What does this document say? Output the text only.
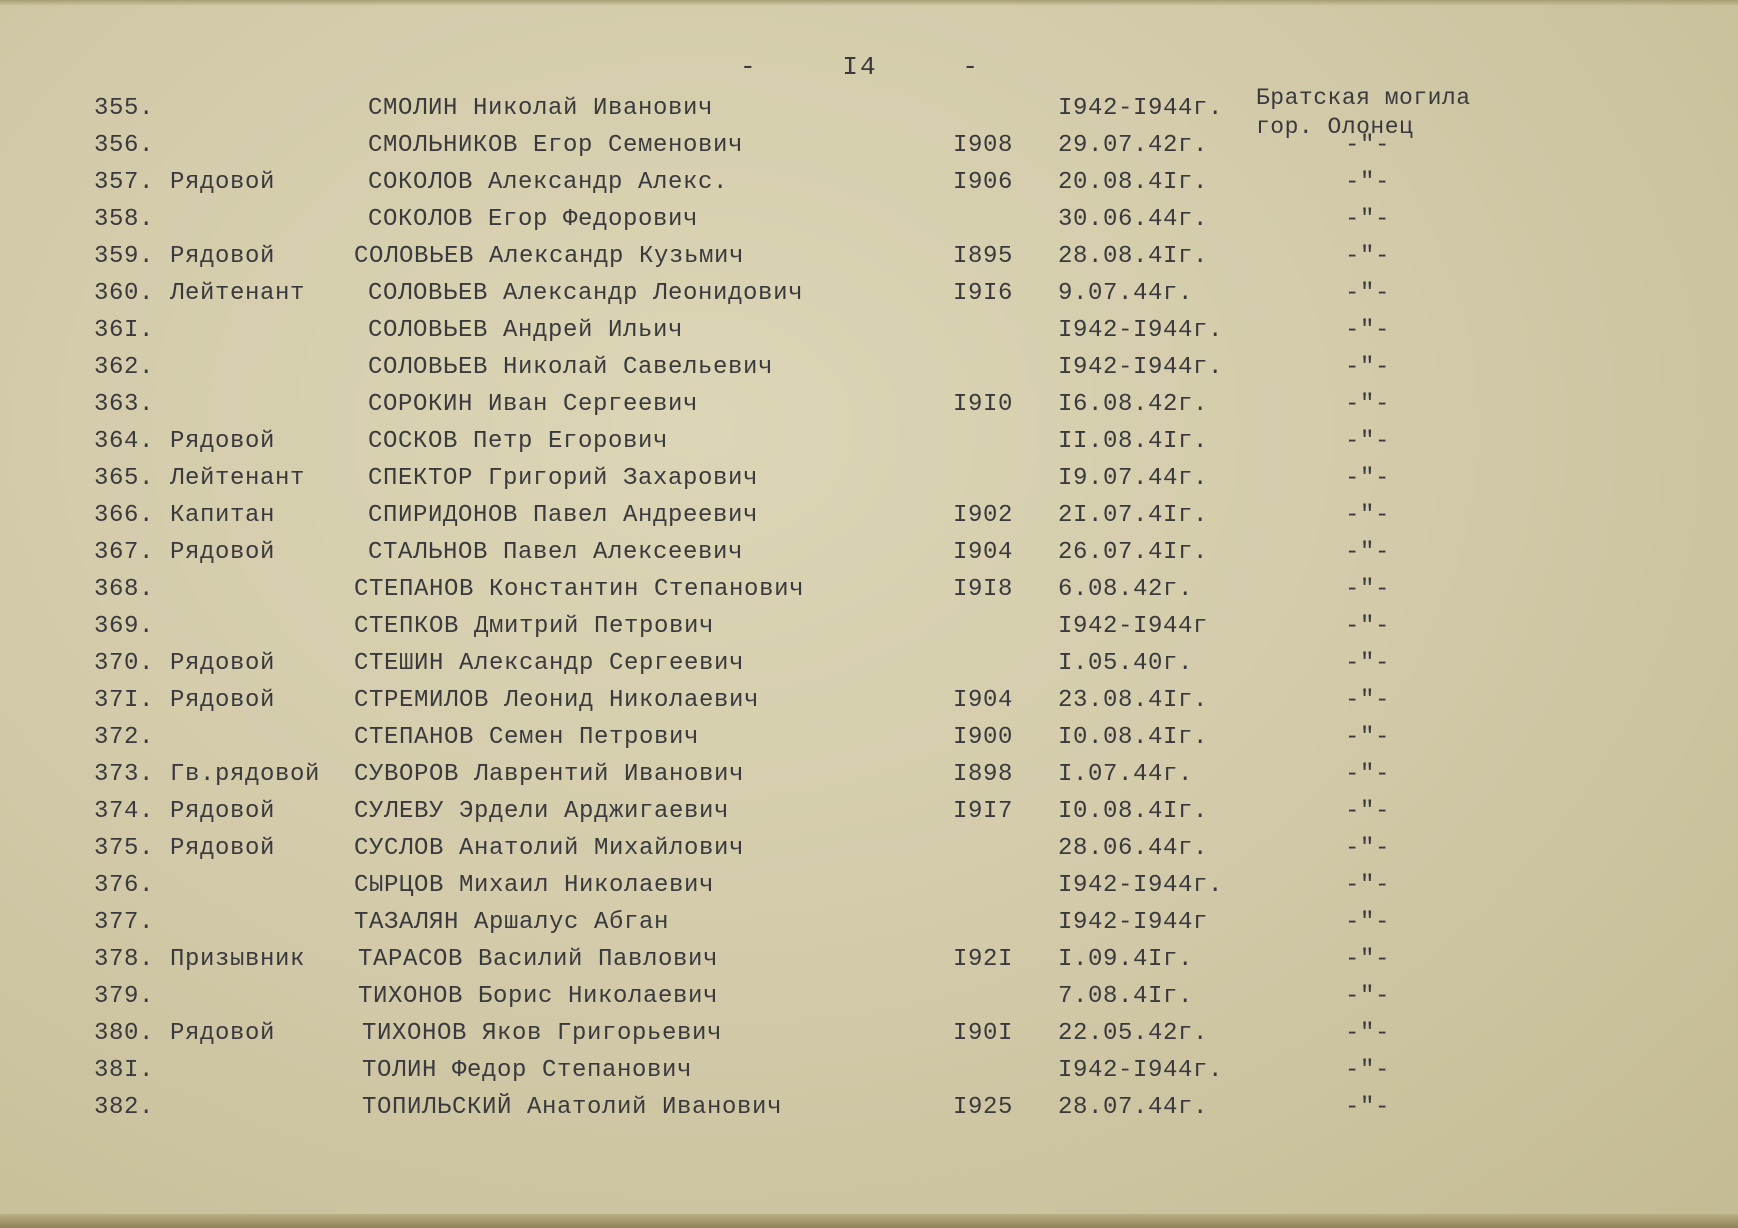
-	I4	-
Братская могила
гор. Олонец
355.	СМОЛИН Николай Иванович	I942-I944г.
356.	СМОЛЬНИКОВ Егор Семенович	I908	29.07.42г.	-"-
357. Рядовой	СОКОЛОВ Александр Алекс.	I906	20.08.4Iг.	-"-
358.	СОКОЛОВ Егор Федорович	30.06.44г.	-"-
359. Рядовой	СОЛОВЬЕВ Александр Кузьмич	I895	28.08.4Iг.	-"-
360. Лейтенант	СОЛОВЬЕВ Александр Леонидович	I9I6	9.07.44г.	-"-
36I.	СОЛОВЬЕВ Андрей Ильич	I942-I944г.	-"-
362.	СОЛОВЬЕВ Николай Савельевич	I942-I944г.	-"-
363.	СОРОКИН Иван Сергеевич	I9I0	I6.08.42г.	-"-
364. Рядовой	СОСКОВ Петр Егорович	II.08.4Iг.	-"-
365. Лейтенант	СПЕКТОР Григорий Захарович	I9.07.44г.	-"-
366. Капитан	СПИРИДОНОВ Павел Андреевич	I902	2I.07.4Iг.	-"-
367. Рядовой	СТАЛЬНОВ Павел Алексеевич	I904	26.07.4Iг.	-"-
368.	СТЕПАНОВ Константин Степанович	I9I8	6.08.42г.	-"-
369.	СТЕПКОВ Дмитрий Петрович	I942-I944г	-"-
370. Рядовой	СТЕШИН Александр Сергеевич	I.05.40г.	-"-
37I. Рядовой	СТРЕМИЛОВ Леонид Николаевич	I904	23.08.4Iг.	-"-
372.	СТЕПАНОВ Семен Петрович	I900	I0.08.4Iг.	-"-
373. Гв.рядовой СУВОРОВ Лаврентий Иванович	I898	I.07.44г.	-"-
374. Рядовой	СУЛЕВУ Эрдели Арджигаевич	I9I7	I0.08.4Iг.	-"-
375. Рядовой	СУСЛОВ Анатолий Михайлович	28.06.44г.	-"-
376.	СЫРЦОВ Михаил Николаевич	I942-I944г.	-"-
377.	ТАЗАЛЯН Аршалус Абган	I942-I944г	-"-
378. Призывник ТАРАСОВ Василий Павлович	I92I	I.09.4Iг.	-"-
379.	ТИХОНОВ Борис Николаевич	7.08.4Iг.	-"-
380. Рядовой	ТИХОНОВ Яков Григорьевич	I90I	22.05.42г.	-"-
38I.	ТОЛИН Федор Степанович	I942-I944г.	-"-
382.	ТОПИЛЬСКИЙ Анатолий Иванович	I925	28.07.44г.	-"-
